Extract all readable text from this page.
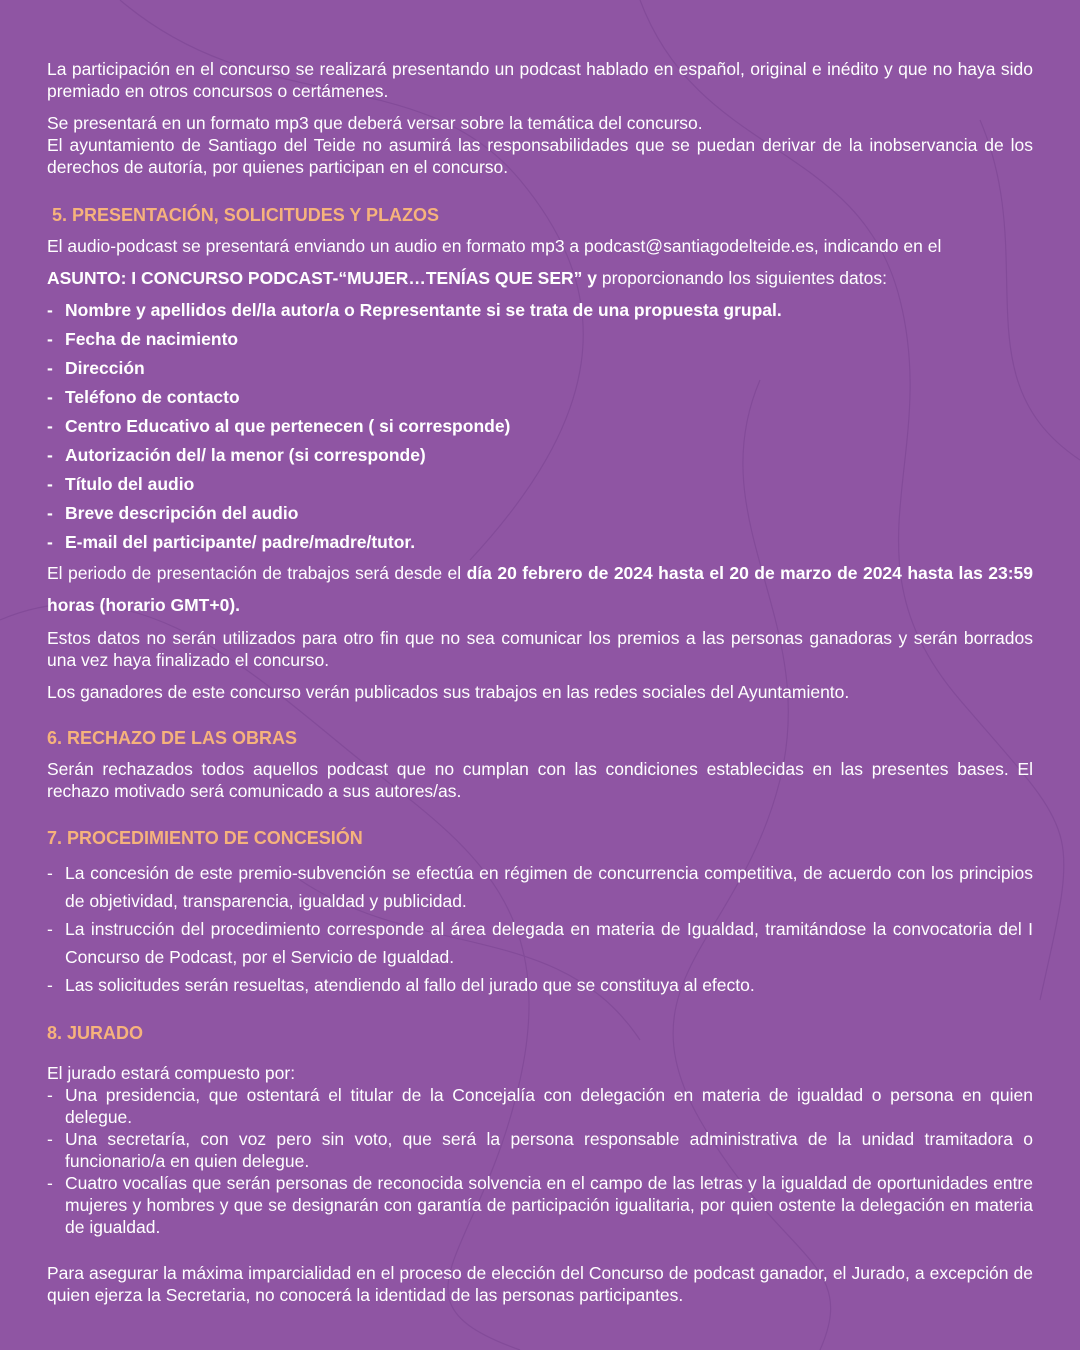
La participación en el concurso se realizará presentando un podcast hablado en español, original e inédito y que no haya sido premiado en otros concursos o certámenes.

Se presentará en un formato mp3 que deberá versar sobre la temática del concurso.

El ayuntamiento de Santiago del Teide no asumirá las responsabilidades que se puedan derivar de la inobservancia de los derechos de autoría, por quienes participan en el concurso.

5. PRESENTACIÓN, SOLICITUDES Y PLAZOS

El audio-podcast se presentará enviando un audio en formato mp3 a podcast@santiagodelteide.es, indicando en el
ASUNTO: I CONCURSO PODCAST-“MUJER…TENÍAS QUE SER” y proporcionando los siguientes datos:

- Nombre y apellidos del/la autor/a o Representante si se trata de una propuesta grupal.
- Fecha de nacimiento
- Dirección
- Teléfono de contacto
- Centro Educativo al que pertenecen ( si corresponde)
- Autorización del/ la menor (si corresponde)
- Título del audio
- Breve descripción del audio
- E-mail del participante/ padre/madre/tutor.

El periodo de presentación de trabajos será desde el día 20 febrero de 2024 hasta el 20 de marzo de 2024 hasta las 23:59 horas (horario GMT+0).

Estos datos no serán utilizados para otro fin que no sea comunicar los premios a las personas ganadoras y serán borrados una vez haya finalizado el concurso.

Los ganadores de este concurso verán publicados sus trabajos en las redes sociales del Ayuntamiento.

6. RECHAZO DE LAS OBRAS

Serán rechazados todos aquellos podcast que no cumplan con las condiciones establecidas en las presentes bases. El rechazo motivado será comunicado a sus autores/as.

7. PROCEDIMIENTO DE CONCESIÓN
- La concesión de este premio-subvención se efectúa en régimen de concurrencia competitiva, de acuerdo con los principios de objetividad, transparencia, igualdad y publicidad.
- La instrucción del procedimiento corresponde al área delegada en materia de Igualdad, tramitándose la convocatoria del I Concurso de Podcast, por el Servicio de Igualdad.
- Las solicitudes serán resueltas, atendiendo al fallo del jurado que se constituya al efecto.
8. JURADO

El jurado estará compuesto por:

- Una presidencia, que ostentará el titular de la Concejalía con delegación en materia de igualdad o persona en quien delegue.
- Una secretaría, con voz pero sin voto, que será la persona responsable administrativa de la unidad tramitadora o funcionario/a en quien delegue.
- Cuatro vocalías que serán personas de reconocida solvencia en el campo de las letras y la igualdad de oportunidades entre mujeres y hombres y que se designarán con garantía de participación igualitaria, por quien ostente la delegación en materia de igualdad.

Para asegurar la máxima imparcialidad en el proceso de elección del Concurso de podcast ganador, el Jurado, a excepción de quien ejerza la Secretaria, no conocerá la identidad de las personas participantes.
